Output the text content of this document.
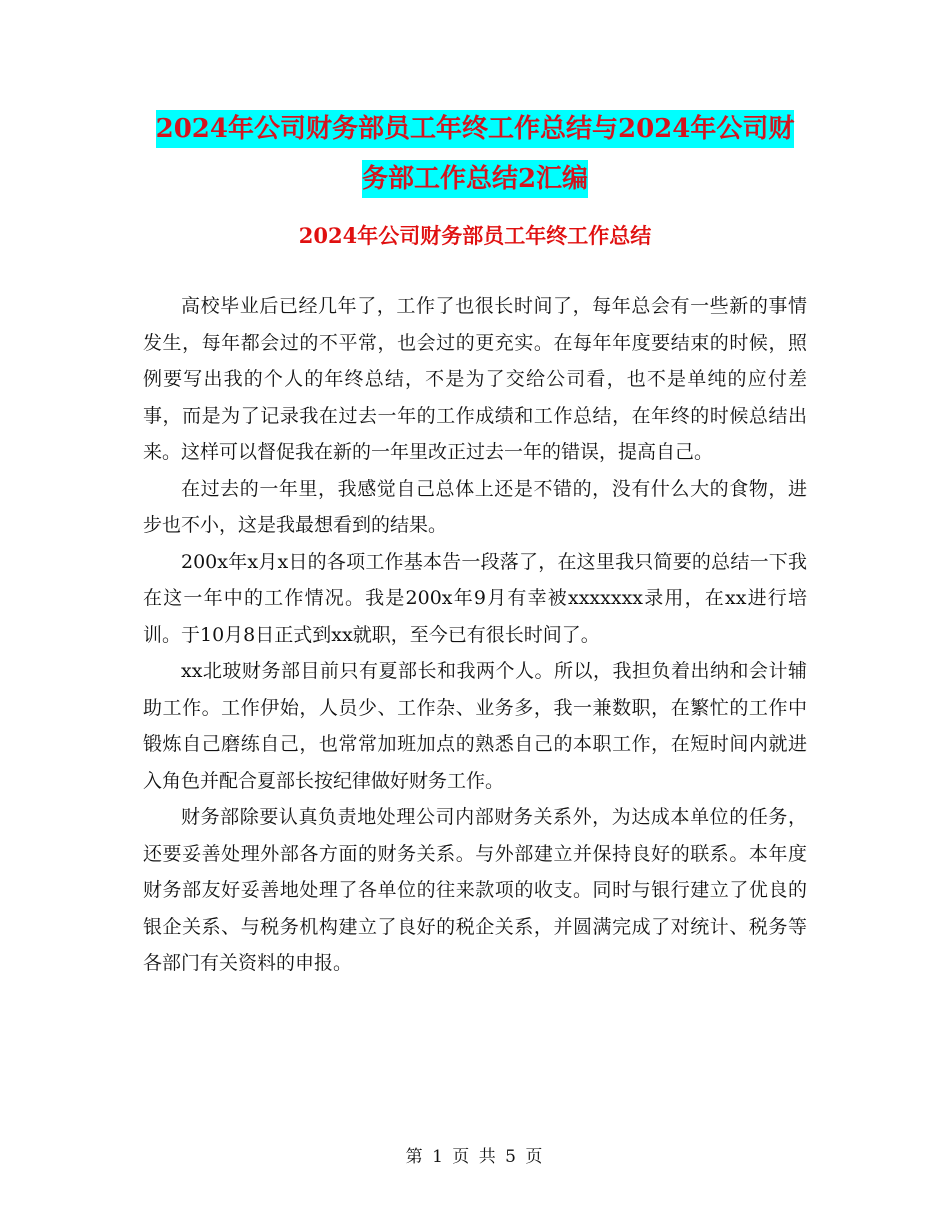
2024年公司财务部员工年终工作总结与2024年公司财
务部工作总结2汇编
2024年公司财务部员工年终工作总结

高校毕业后已经几年了，工作了也很长时间了，每年总会有一些新的事情发生，每年都会过的不平常，也会过的更充实。在每年年度要结束的时候，照例要写出我的个人的年终总结，不是为了交给公司看，也不是单纯的应付差事，而是为了记录我在过去一年的工作成绩和工作总结，在年终的时候总结出来。这样可以督促我在新的一年里改正过去一年的错误，提高自己。

在过去的一年里，我感觉自己总体上还是不错的，没有什么大的食物，进步也不小，这是我最想看到的结果。

200x年x月x日的各项工作基本告一段落了，在这里我只简要的总结一下我在这一年中的工作情况。我是200x年9月有幸被xxxxxxx录用，在xx进行培训。于10月8日正式到xx就职，至今已有很长时间了。

xx北玻财务部目前只有夏部长和我两个人。所以，我担负着出纳和会计辅助工作。工作伊始，人员少、工作杂、业务多，我一兼数职，在繁忙的工作中锻炼自己磨练自己，也常常加班加点的熟悉自己的本职工作，在短时间内就进入角色并配合夏部长按纪律做好财务工作。

财务部除要认真负责地处理公司内部财务关系外，为达成本单位的任务，还要妥善处理外部各方面的财务关系。与外部建立并保持良好的联系。本年度财务部友好妥善地处理了各单位的往来款项的收支。同时与银行建立了优良的银企关系、与税务机构建立了良好的税企关系，并圆满完成了对统计、税务等各部门有关资料的申报。

第 1 页 共 5 页
